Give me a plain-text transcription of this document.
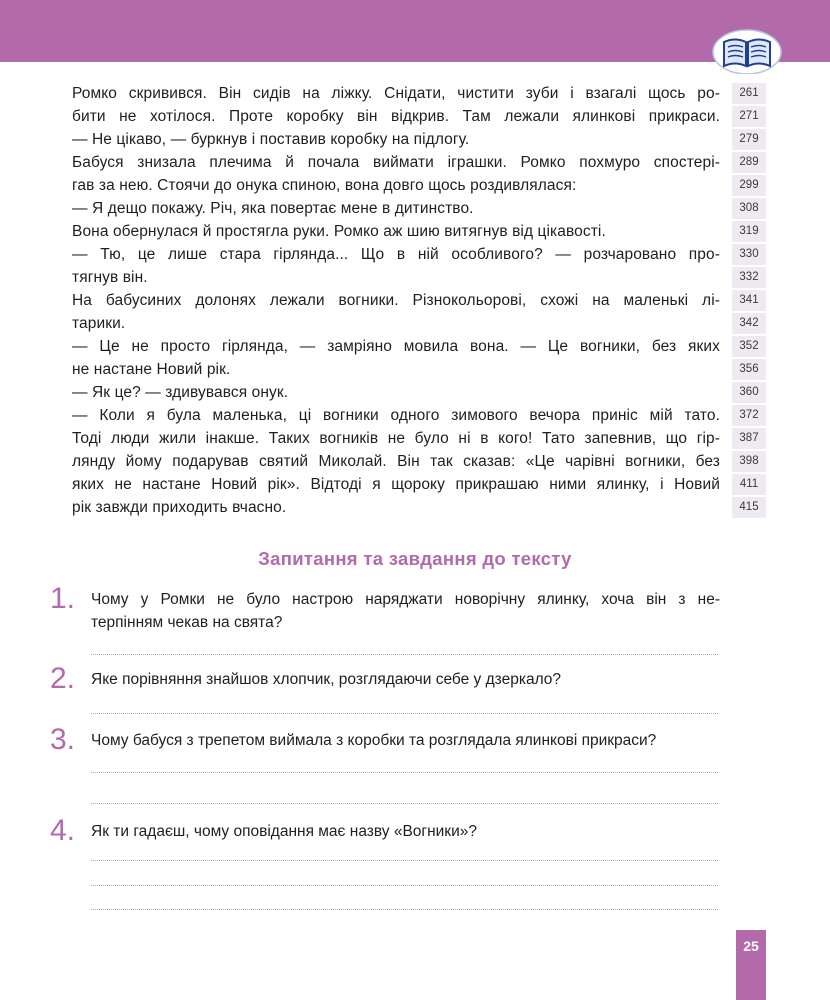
Ромко скривився. Він сидів на ліжку. Снідати, чистити зуби і взагалі щось ро-	261
бити не хотілося. Проте коробку він відкрив. Там лежали ялинкові прикраси.	271
— Не цікаво, — буркнув і поставив коробку на підлогу.	279
Бабуся знизала плечима й почала виймати іграшки. Ромко похмуро спостері-	289
гав за нею. Стоячи до онука спиною, вона довго щось роздивлялася:	299
— Я дещо покажу. Річ, яка повертає мене в дитинство.	308
Вона обернулася й простягла руки. Ромко аж шию витягнув від цікавості.	319
— Тю, це лише стара гірлянда... Що в ній особливого? — розчаровано про-	330
тягнув він.	332
На бабусиних долонях лежали вогники. Різнокольорові, схожі на маленькі лі-	341
тарики.	342
— Це не просто гірлянда, — замріяно мовила вона. — Це вогники, без яких	352
не настане Новий рік.	356
— Як це? — здивувався онук.	360
— Коли я була маленька, ці вогники одного зимового вечора приніс мій тато.	372
Тоді люди жили інакше. Таких вогників не було ні в кого! Тато запевнив, що гір-	387
лянду йому подарував святий Миколай. Він так сказав: «Це чарівні вогники, без	398
яких не настане Новий рік». Відтоді я щороку прикрашаю ними ялинку, і Новий	411
рік завжди приходить вчасно.	415
Запитання та завдання до тексту
1. Чому у Ромки не було настрою наряджати новорічну ялинку, хоча він з не-
терпінням чекав на свята?
2. Яке порівняння знайшов хлопчик, розглядаючи себе у дзеркало?
3. Чому бабуся з трепетом виймала з коробки та розглядала ялинкові прикраси?
4. Як ти гадаєш, чому оповідання має назву «Вогники»?
25
